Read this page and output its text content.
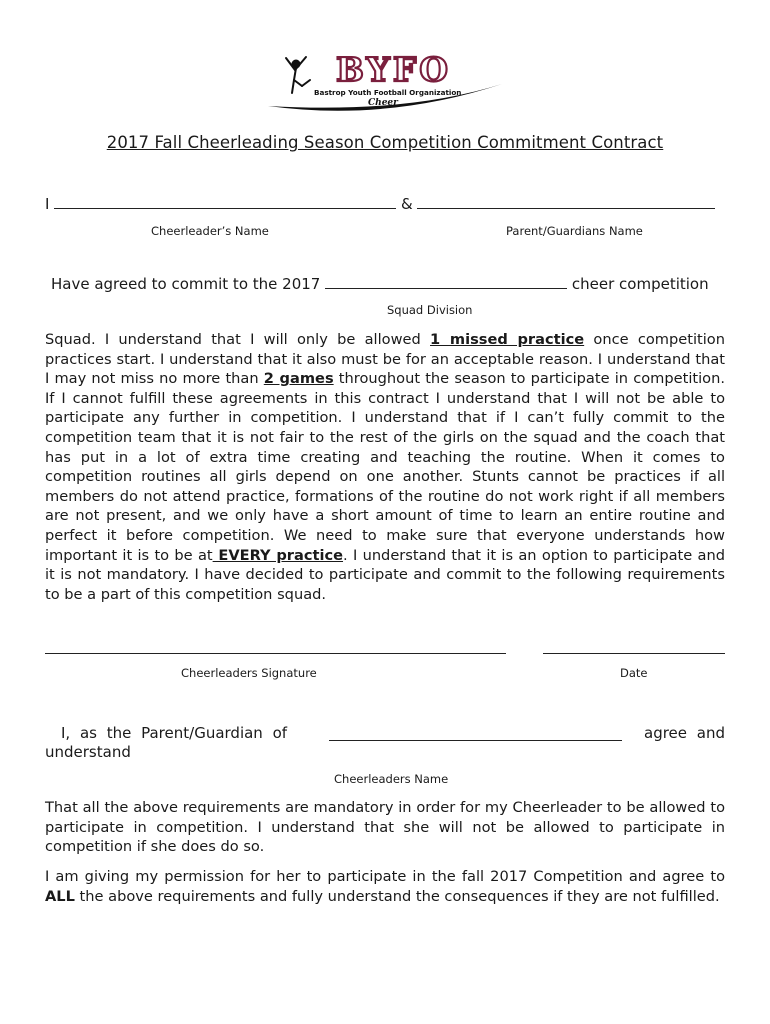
BYFO
Bastrop Youth Football Organization
Cheer
2017 Fall Cheerleading Season Competition Commitment Contract
I	&
Cheerleader’s Name	Parent/Guardians Name
Have agreed to commit to the 2017	cheer competition
Squad Division

Squad. I understand that I will only be allowed 1 missed practice once competition practices start. I understand that it also must be for an acceptable reason. I understand that I may not miss no more than 2 games throughout the season to participate in competition. If I cannot fulfill these agreements in this contract I understand that I will not be able to participate any further in competition. I understand that if I can’t fully commit to the competition team that it is not fair to the rest of the girls on the squad and the coach that has put in a lot of extra time creating and teaching the routine. When it comes to competition routines all girls depend on one another. Stunts cannot be practices if all members do not attend practice, formations of the routine do not work right if all members are not present, and we only have a short amount of time to learn an entire routine and perfect it before competition. We need to make sure that everyone understands how important it is to be at EVERY practice. I understand that it is an option to participate and it is not mandatory. I have decided to participate and commit to the following requirements to be a part of this competition squad.

Cheerleaders Signature	Date
I, as the Parent/Guardian of	agree and
understand
Cheerleaders Name

That all the above requirements are mandatory in order for my Cheerleader to be allowed to participate in competition. I understand that she will not be allowed to participate in competition if she does do so.

I am giving my permission for her to participate in the fall 2017 Competition and agree to ALL the above requirements and fully understand the consequences if they are not fulfilled.
